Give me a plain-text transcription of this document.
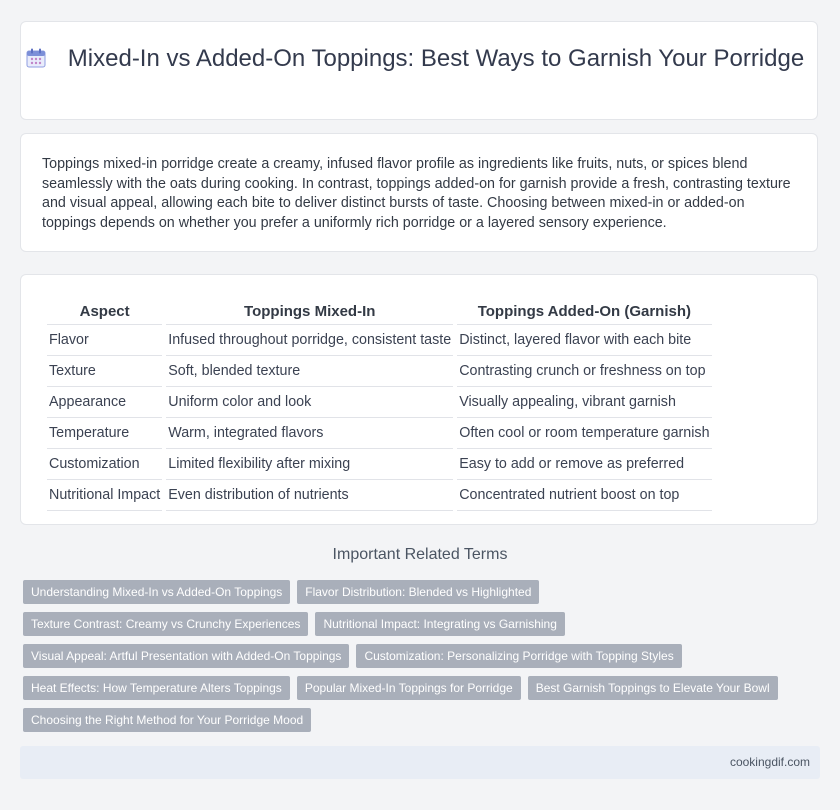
Mixed-In vs Added-On Toppings: Best Ways to Garnish Your Porridge

Toppings mixed-in porridge create a creamy, infused flavor profile as ingredients like fruits, nuts, or spices blend seamlessly with the oats during cooking. In contrast, toppings added-on for garnish provide a fresh, contrasting texture and visual appeal, allowing each bite to deliver distinct bursts of taste. Choosing between mixed-in or added-on toppings depends on whether you prefer a uniformly rich porridge or a layered sensory experience.

Aspect	Toppings Mixed-In	Toppings Added-On (Garnish)
Flavor	Infused throughout porridge, consistent taste	Distinct, layered flavor with each bite
Texture	Soft, blended texture	Contrasting crunch or freshness on top
Appearance	Uniform color and look	Visually appealing, vibrant garnish
Temperature	Warm, integrated flavors	Often cool or room temperature garnish
Customization	Limited flexibility after mixing	Easy to add or remove as preferred
Nutritional Impact	Even distribution of nutrients	Concentrated nutrient boost on top
Important Related Terms
Understanding Mixed-In vs Added-On Toppings Flavor Distribution: Blended vs Highlighted
Texture Contrast: Creamy vs Crunchy Experiences Nutritional Impact: Integrating vs Garnishing
Visual Appeal: Artful Presentation with Added-On Toppings Customization: Personalizing Porridge with Topping Styles
Heat Effects: How Temperature Alters Toppings Popular Mixed-In Toppings for Porridge Best Garnish Toppings to Elevate Your Bowl
Choosing the Right Method for Your Porridge Mood
cookingdif.com
